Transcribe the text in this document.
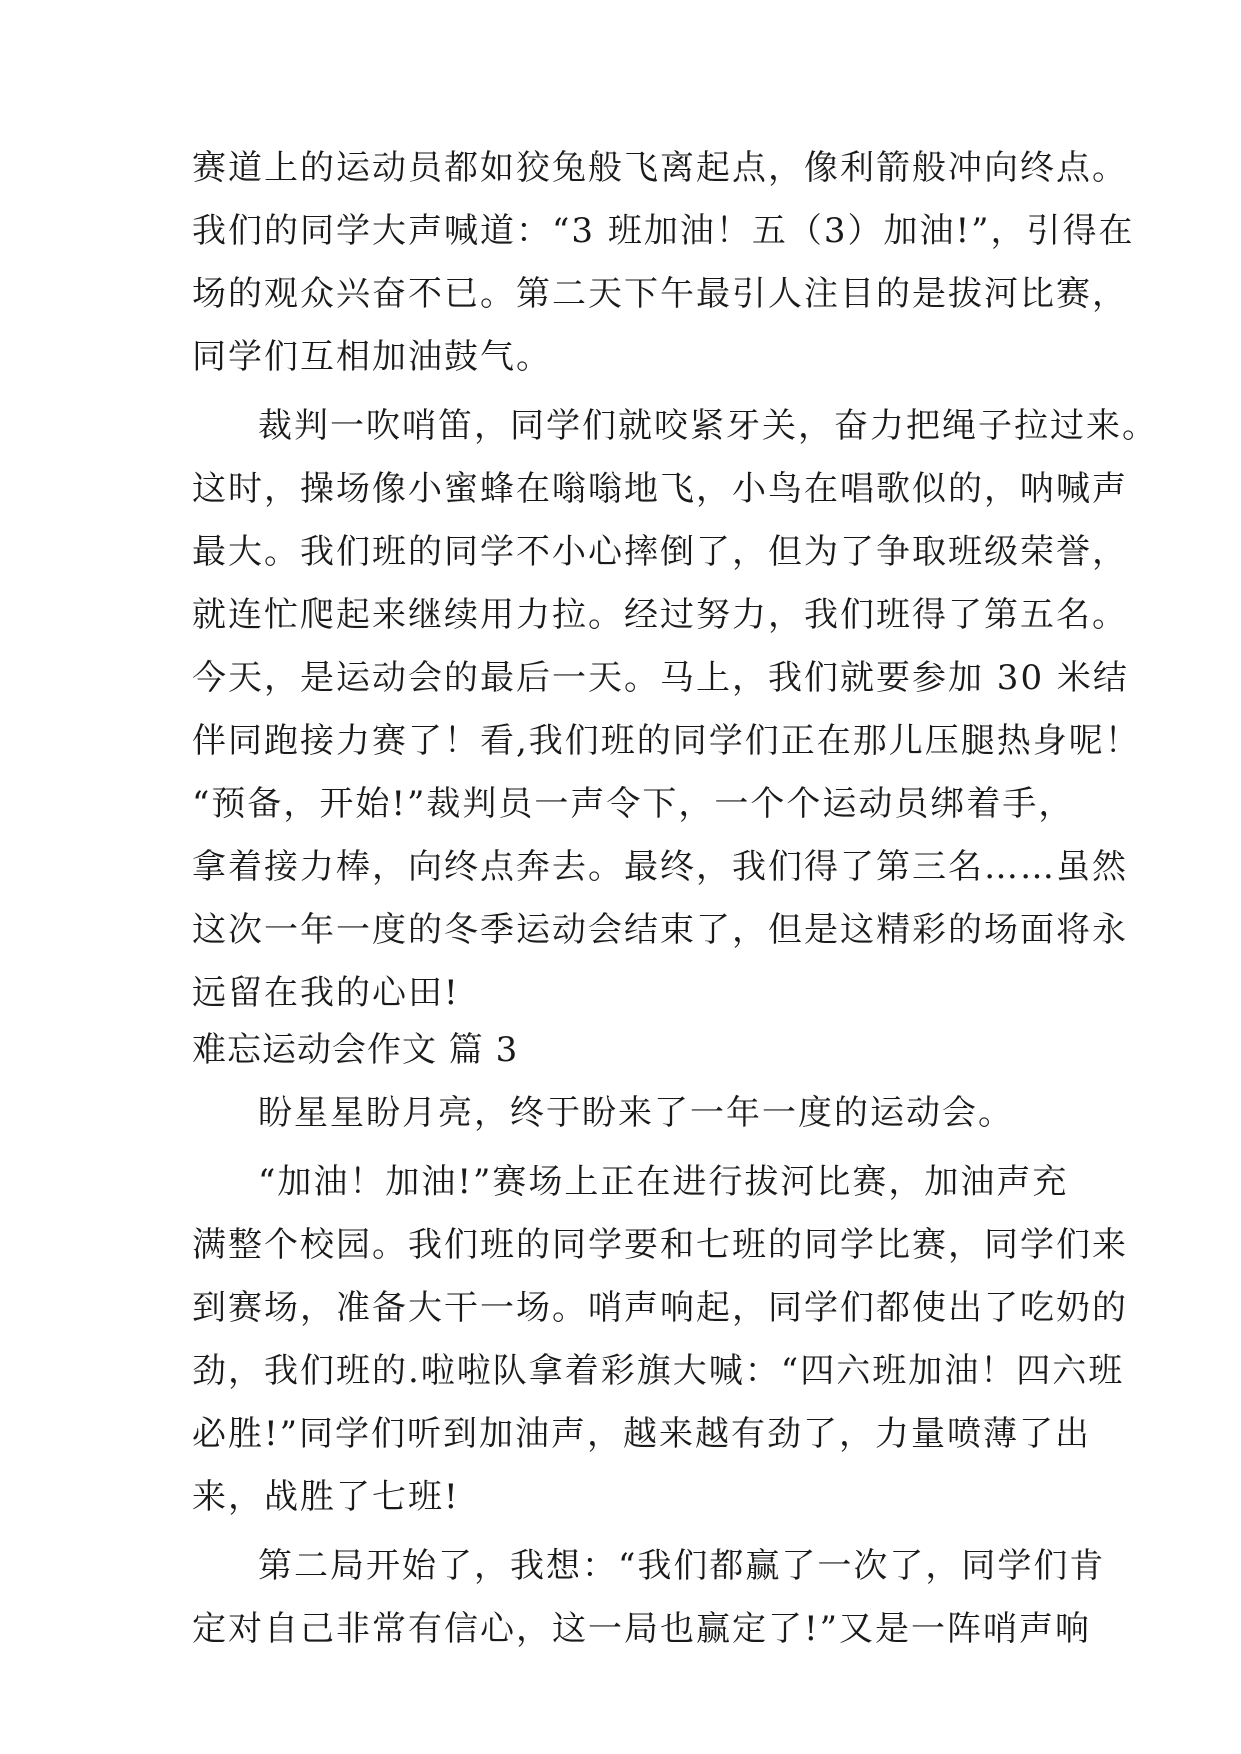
赛道上的运动员都如狡兔般飞离起点，像利箭般冲向终点。
我们的同学大声喊道：“3 班加油！五（3）加油!”，引得在
场的观众兴奋不已。第二天下午最引人注目的是拔河比赛，
同学们互相加油鼓气。
裁判一吹哨笛，同学们就咬紧牙关，奋力把绳子拉过来。
这时，操场像小蜜蜂在嗡嗡地飞，小鸟在唱歌似的，呐喊声
最大。我们班的同学不小心摔倒了，但为了争取班级荣誉，
就连忙爬起来继续用力拉。经过努力，我们班得了第五名。
今天，是运动会的最后一天。马上，我们就要参加 30 米结
伴同跑接力赛了！看,我们班的同学们正在那儿压腿热身呢！
“预备，开始!”裁判员一声令下，一个个运动员绑着手，
拿着接力棒，向终点奔去。最终，我们得了第三名……虽然
这次一年一度的冬季运动会结束了，但是这精彩的场面将永
远留在我的心田!
难忘运动会作文 篇 3
盼星星盼月亮，终于盼来了一年一度的运动会。
“加油！加油!”赛场上正在进行拔河比赛，加油声充
满整个校园。我们班的同学要和七班的同学比赛，同学们来
到赛场，准备大干一场。哨声响起，同学们都使出了吃奶的
劲，我们班的.啦啦队拿着彩旗大喊：“四六班加油！四六班
必胜!”同学们听到加油声，越来越有劲了，力量喷薄了出
来，战胜了七班!
第二局开始了，我想：“我们都赢了一次了，同学们肯
定对自己非常有信心，这一局也赢定了!”又是一阵哨声响
